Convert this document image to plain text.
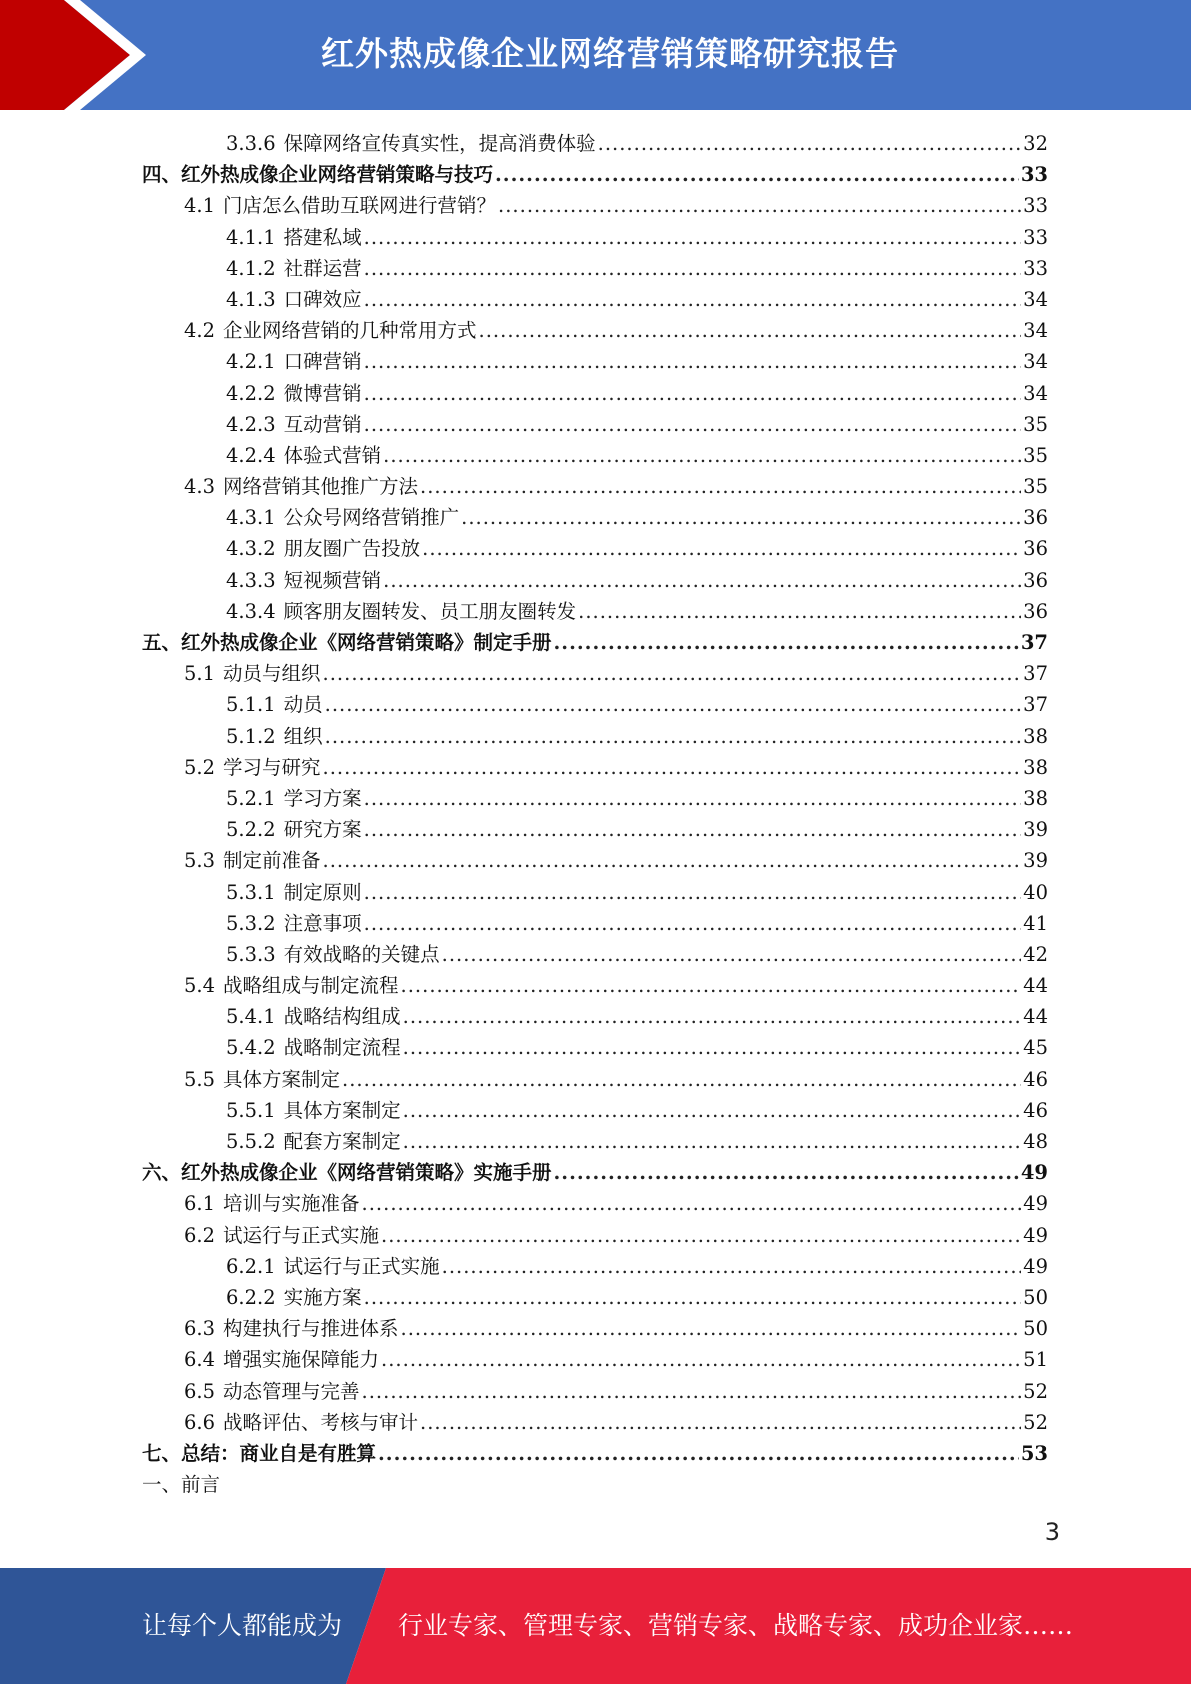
红外热成像企业网络营销策略研究报告
3.3.6 保障网络宣传真实性，提高消费体验 .....	32
四、红外热成像企业网络营销策略与技巧 .....	33
4.1 门店怎么借助互联网进行营销？ .....	33
4.1.1 搭建私域 .....	33
4.1.2 社群运营 .....	33
4.1.3 口碑效应 .....	34
4.2 企业网络营销的几种常用方式 .....	34
4.2.1 口碑营销 .....	34
4.2.2 微博营销 .....	34
4.2.3 互动营销 .....	35
4.2.4 体验式营销 .....	35
4.3 网络营销其他推广方法 .....	35
4.3.1 公众号网络营销推广 .....	36
4.3.2 朋友圈广告投放 .....	36
4.3.3 短视频营销 .....	36
4.3.4 顾客朋友圈转发、员工朋友圈转发 .....	36
五、红外热成像企业《网络营销策略》制定手册 .....	37
5.1 动员与组织 .....	37
5.1.1 动员 .....	37
5.1.2 组织 .....	38
5.2 学习与研究 .....	38
5.2.1 学习方案 .....	38
5.2.2 研究方案 .....	39
5.3 制定前准备 .....	39
5.3.1 制定原则 .....	40
5.3.2 注意事项 .....	41
5.3.3 有效战略的关键点 .....	42
5.4 战略组成与制定流程 .....	44
5.4.1 战略结构组成 .....	44
5.4.2 战略制定流程 .....	45
5.5 具体方案制定 .....	46
5.5.1 具体方案制定 .....	46
5.5.2 配套方案制定 .....	48
六、红外热成像企业《网络营销策略》实施手册 .....	49
6.1 培训与实施准备 .....	49
6.2 试运行与正式实施 .....	49
6.2.1 试运行与正式实施 .....	49
6.2.2 实施方案 .....	50
6.3 构建执行与推进体系 .....	50
6.4 增强实施保障能力 .....	51
6.5 动态管理与完善 .....	52
6.6 战略评估、考核与审计 .....	52
七、总结：商业自是有胜算 .....	53
一、前言
3
让每个人都能成为 行业专家、管理专家、营销专家、战略专家、成功企业家……
